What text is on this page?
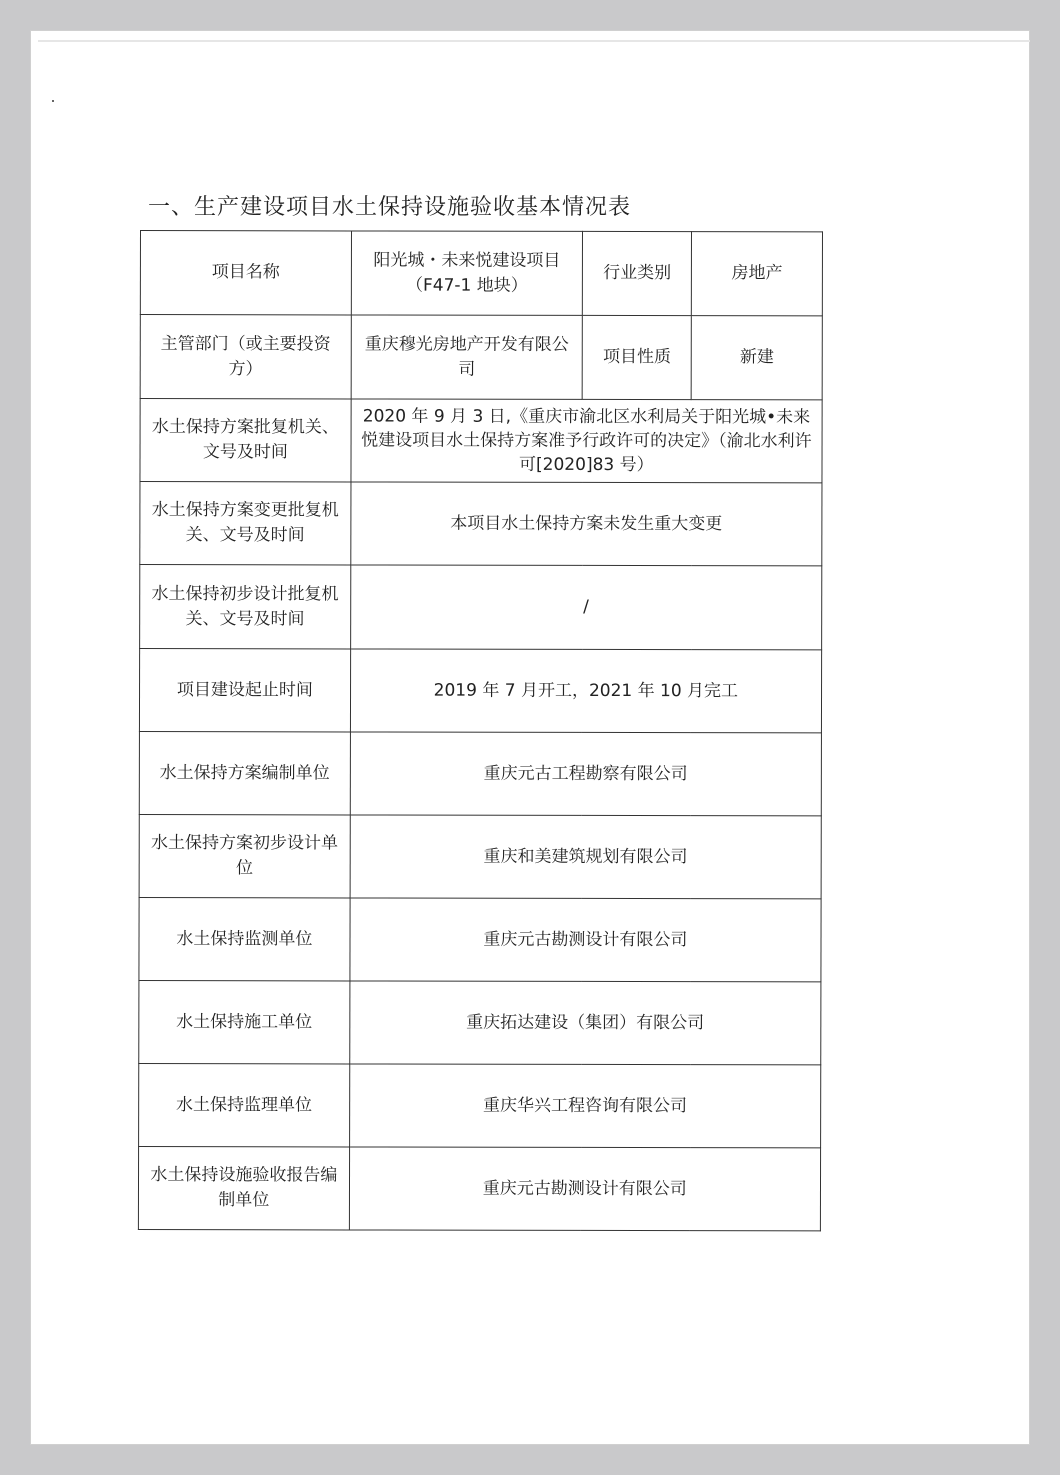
一、生产建设项目水土保持设施验收基本情况表
项目名称	阳光城・未来悦建设项目（F47-1 地块）	行业类别	房地产
主管部门（或主要投资方）	重庆穆光房地产开发有限公司	项目性质	新建
水土保持方案批复机关、文号及时间	2020 年 9 月 3 日,《重庆市渝北区水利局关于阳光城•未来悦建设项目水土保持方案准予行政许可的决定》（渝北水利许可[2020]83 号）		
水土保持方案变更批复机关、文号及时间	本项目水土保持方案未发生重大变更		
水土保持初步设计批复机关、文号及时间	/		
项目建设起止时间	2019 年 7 月开工，2021 年 10 月完工		
水土保持方案编制单位	重庆元古工程勘察有限公司		
水土保持方案初步设计单位	重庆和美建筑规划有限公司		
水土保持监测单位	重庆元古勘测设计有限公司		
水土保持施工单位	重庆拓达建设（集团）有限公司		
水土保持监理单位	重庆华兴工程咨询有限公司		
水土保持设施验收报告编制单位	重庆元古勘测设计有限公司		
